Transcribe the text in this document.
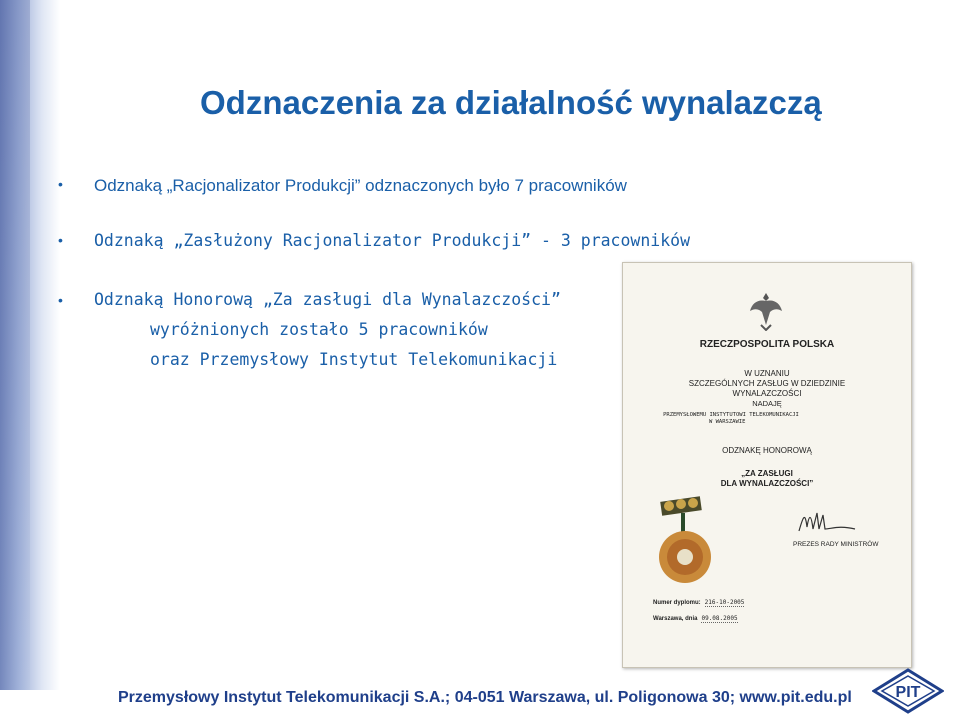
Odznaczenia za działalność wynalazczą
• Odznaką „Racjonalizator Produkcji” odznaczonych było 7 pracowników
• Odznaką „Zasłużony Racjonalizator Produkcji” - 3 pracowników
• Odznaką Honorową „Za zasługi dla Wynalazczości”
wyróżnionych zostało 5 pracowników
oraz Przemysłowy Instytut Telekomunikacji
RZECZPOSPOLITA POLSKA
W UZNANIU
SZCZEGÓLNYCH ZASŁUG W DZIEDZINIE
WYNALAZCZOŚCI
NADAJĘ
PRZEMYSŁOWEMU INSTYTUTOWI TELEKOMUNIKACJI
W WARSZAWIE
ODZNAKĘ HONOROWĄ
„ZA ZASŁUGI
DLA WYNALAZCZOŚCI”
PREZES RADY MINISTRÓW
Numer dyplomu: 216-10-2005
Warszawa, dnia 09.08.2005

Przemysłowy Instytut Telekomunikacji S.A.; 04-051 Warszawa, ul. Poligonowa 30; www.pit.edu.pl	PIT
